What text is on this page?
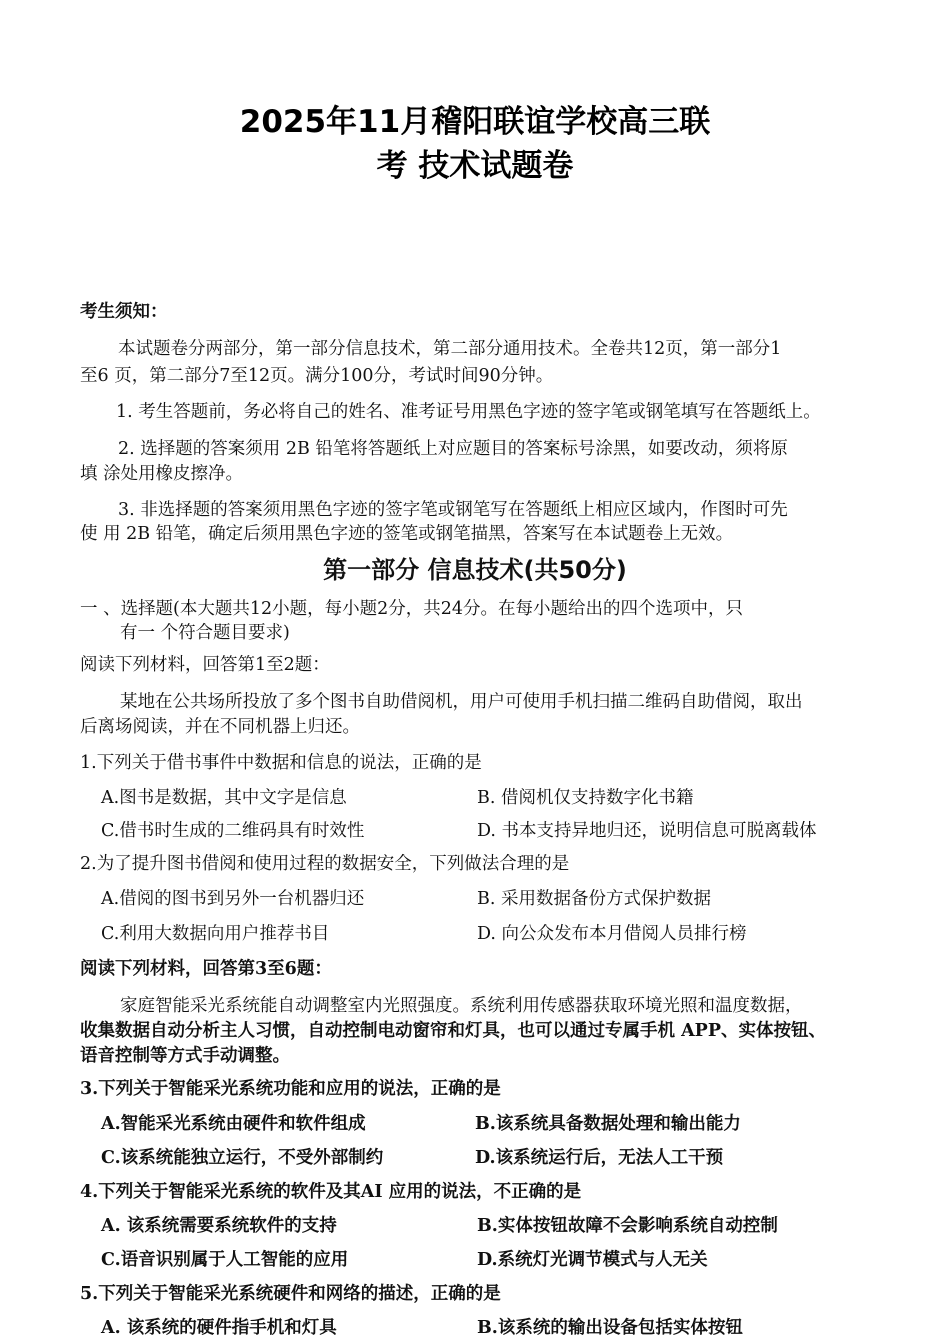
2025年11月稽阳联谊学校高三联
考 技术试题卷
考生须知：
本试题卷分两部分，第一部分信息技术，第二部分通用技术。全卷共12页，第一部分1
至6 页，第二部分7至12页。满分100分，考试时间90分钟。
1. 考生答题前，务必将自己的姓名、准考证号用黑色字迹的签字笔或钢笔填写在答题纸上。
2. 选择题的答案须用 2B 铅笔将答题纸上对应题目的答案标号涂黑，如要改动，须将原
填 涂处用橡皮擦净。
3. 非选择题的答案须用黑色字迹的签字笔或钢笔写在答题纸上相应区域内，作图时可先
使 用 2B 铅笔，确定后须用黑色字迹的签笔或钢笔描黑，答案写在本试题卷上无效。
第一部分 信息技术(共50分)
一 、选择题(本大题共12小题，每小题2分，共24分。在每小题给出的四个选项中，只
有一 个符合题目要求)
阅读下列材料，回答第1至2题：
某地在公共场所投放了多个图书自助借阅机，用户可使用手机扫描二维码自助借阅，取出
后离场阅读，并在不同机器上归还。
1.下列关于借书事件中数据和信息的说法，正确的是
A.图书是数据，其中文字是信息	B. 借阅机仅支持数字化书籍
C.借书时生成的二维码具有时效性	D. 书本支持异地归还，说明信息可脱离载体
2.为了提升图书借阅和使用过程的数据安全，下列做法合理的是
A.借阅的图书到另外一台机器归还	B. 采用数据备份方式保护数据
C.利用大数据向用户推荐书目	D. 向公众发布本月借阅人员排行榜
阅读下列材料，回答第3至6题：
家庭智能采光系统能自动调整室内光照强度。系统利用传感器获取环境光照和温度数据，
收集数据自动分析主人习惯，自动控制电动窗帘和灯具，也可以通过专属手机 APP、实体按钮、
语音控制等方式手动调整。
3.下列关于智能采光系统功能和应用的说法，正确的是
A.智能采光系统由硬件和软件组成	B.该系统具备数据处理和输出能力
C.该系统能独立运行，不受外部制约	D.该系统运行后，无法人工干预
4.下列关于智能采光系统的软件及其AI 应用的说法，不正确的是
A. 该系统需要系统软件的支持	B.实体按钮故障不会影响系统自动控制
C.语音识别属于人工智能的应用	D.系统灯光调节模式与人无关
5.下列关于智能采光系统硬件和网络的描述，正确的是
A. 该系统的硬件指手机和灯具	B.该系统的输出设备包括实体按钮
